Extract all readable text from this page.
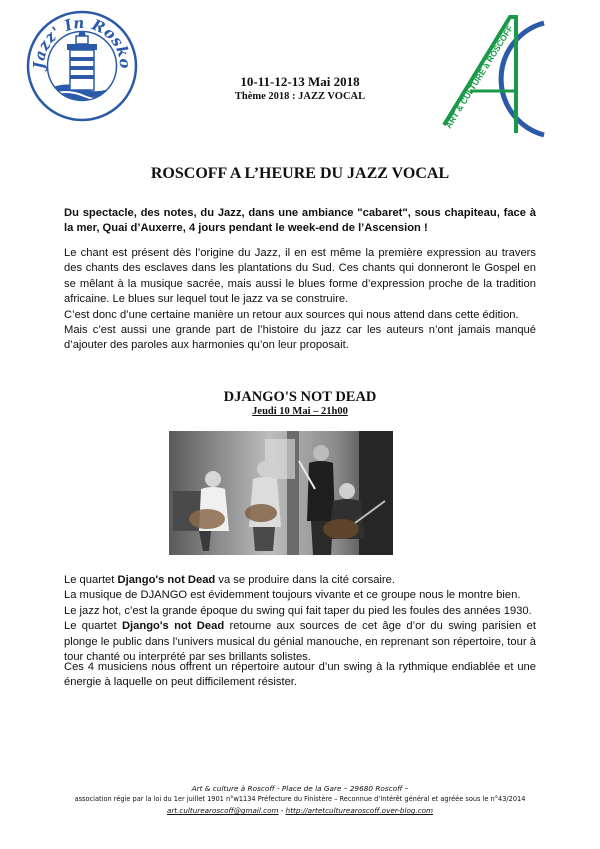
Jazz' In Rosko	ART & CULTURE à ROSCOFF
10-11-12-13 Mai 2018
Thème 2018 : JAZZ VOCAL
ROSCOFF A L’HEURE DU JAZZ VOCAL
Du spectacle, des notes, du Jazz, dans une ambiance "cabaret", sous chapiteau, face à la mer, Quai d’Auxerre, 4 jours pendant le week-end de l’Ascension !
Le chant est présent dès l’origine du Jazz, il en est même la première expression au travers des chants des esclaves dans les plantations du Sud. Ces chants qui donneront le Gospel en se mêlant à la musique sacrée, mais aussi le blues forme d’expression proche de la tradition africaine. Le blues sur lequel tout le jazz va se construire.
C’est donc d’une certaine manière un retour aux sources qui nous attend dans cette édition.
Mais c’est aussi une grande part de l’histoire du jazz car les auteurs n’ont jamais manqué d’ajouter des paroles aux harmonies qu’on leur proposait.
DJANGO'S NOT DEAD
Jeudi 10 Mai – 21h00
Le quartet Django's not Dead va se produire dans la cité corsaire.
La musique de DJANGO est évidemment toujours vivante et ce groupe nous le montre bien.
Le jazz hot, c’est la grande époque du swing qui fait taper du pied les foules des années 1930.
Le quartet Django's not Dead retourne aux sources de cet âge d’or du swing parisien et plonge le public dans l’univers musical du génial manouche, en reprenant son répertoire, tour à tour chanté ou interprété par ses brillants solistes.
Ces 4 musiciens nous offrent un répertoire autour d’un swing à la rythmique endiablée et une énergie à laquelle on peut difficilement résister.
Art & culture à Roscoff - Place de la Gare – 29680 Roscoff –
association régie par la loi du 1er juillet 1901 n°w1134 Préfecture du Finistère – Reconnue d’intérêt général et agréée sous le n°43/2014
art.culturearoscoff@gmail.com - http://artetculturearoscoff.over-blog.com
